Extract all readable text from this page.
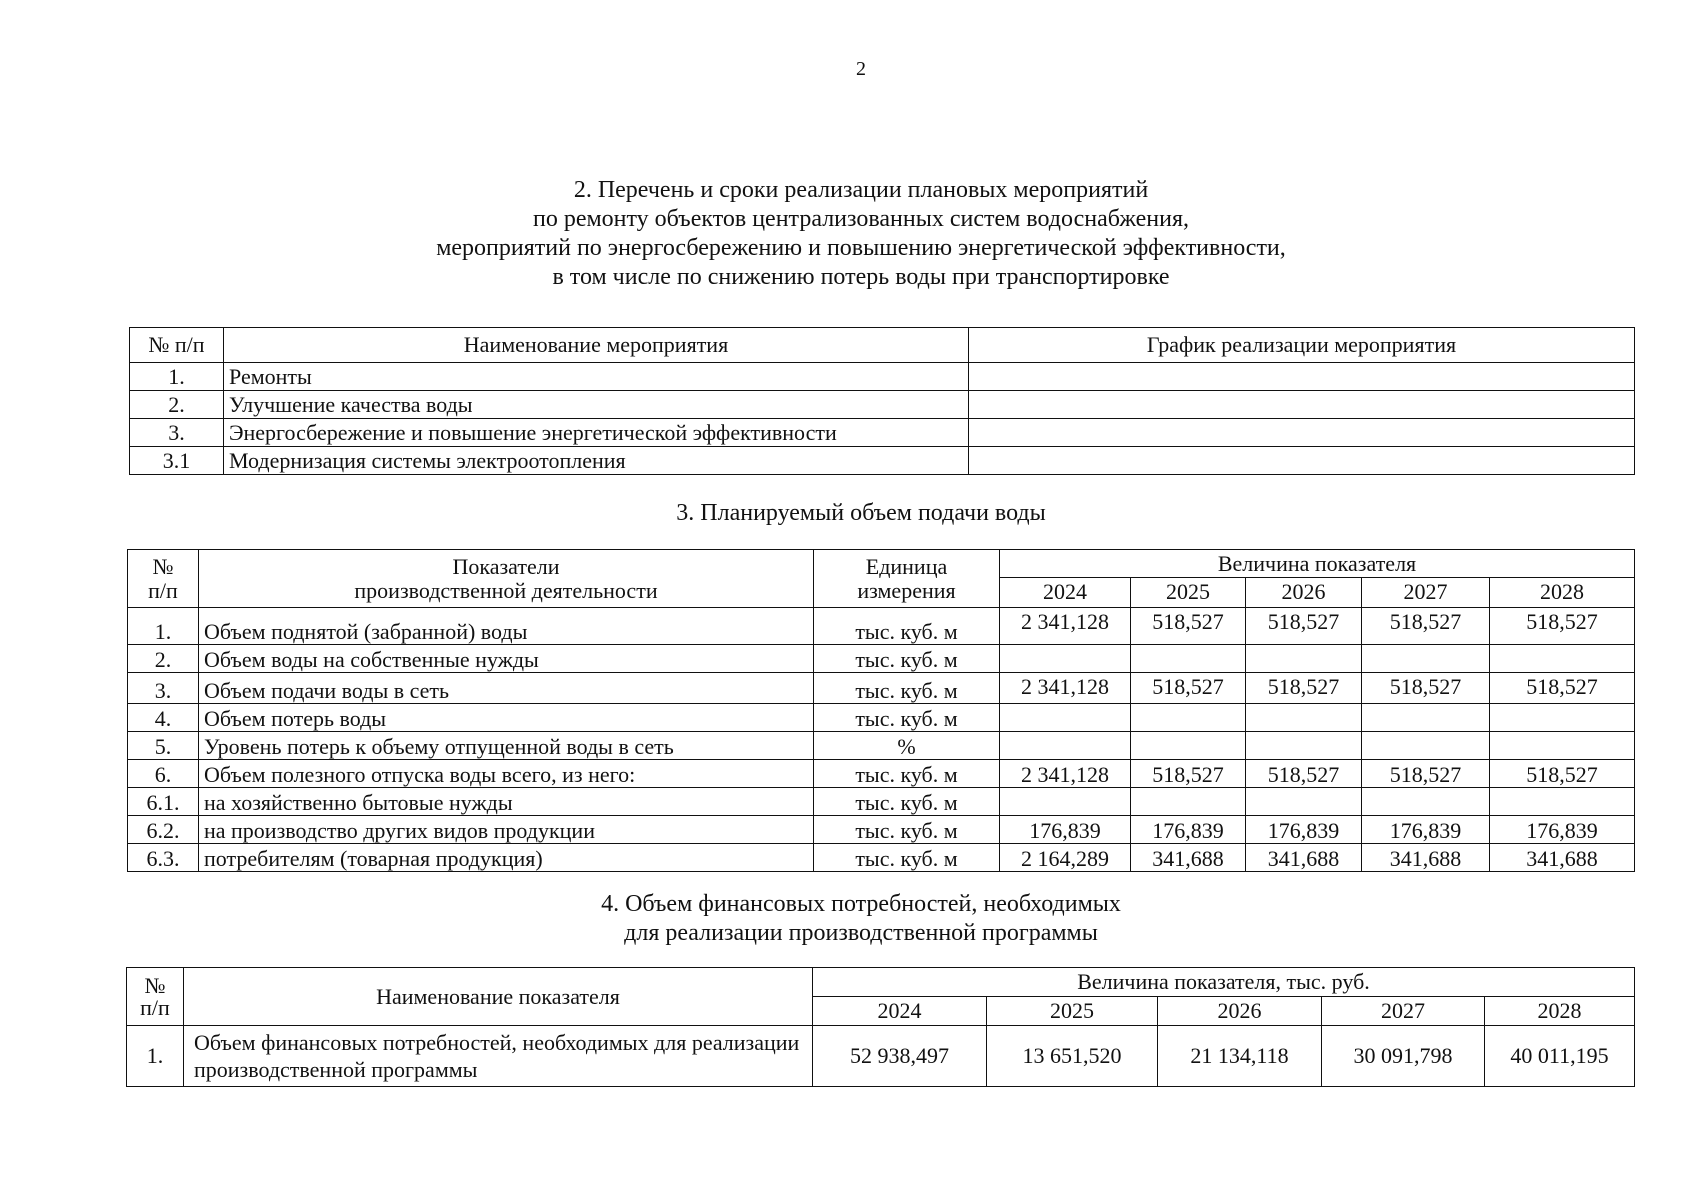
2
2. Перечень и сроки реализации плановых мероприятий
по ремонту объектов централизованных систем водоснабжения,
мероприятий по энергосбережению и повышению энергетической эффективности,
в том числе по снижению потерь воды при транспортировке
№ п/п	Наименование мероприятия	График реализации мероприятия
1.	Ремонты	
2.	Улучшение качества воды	
3.	Энергосбережение и повышение энергетической эффективности	
3.1	Модернизация системы электроотопления	
3. Планируемый объем подачи воды
№	Показатели	Единица	Величина показателя				
п/п	производственной деятельности	измерения	2024	2025	2026	2027	2028
1.	Объем поднятой (забранной) воды	тыс. куб. м	2 341,128	518,527	518,527	518,527	518,527
2.	Объем воды на собственные нужды	тыс. куб. м					
3.	Объем подачи воды в сеть	тыс. куб. м	2 341,128	518,527	518,527	518,527	518,527
4.	Объем потерь воды	тыс. куб. м					
5.	Уровень потерь к объему отпущенной воды в сеть	%					
6.	Объем полезного отпуска воды всего, из него:	тыс. куб. м	2 341,128	518,527	518,527	518,527	518,527
6.1.	на хозяйственно бытовые нужды	тыс. куб. м					
6.2.	на производство других видов продукции	тыс. куб. м	176,839	176,839	176,839	176,839	176,839
6.3.	потребителям (товарная продукция)	тыс. куб. м	2 164,289	341,688	341,688	341,688	341,688
4. Объем финансовых потребностей, необходимых
для реализации производственной программы
№
п/п	Наименование показателя	Величина показателя, тыс. руб.				
		2024	2025	2026	2027	2028
1.	Объем финансовых потребностей, необходимых для реализации производственной программы	52 938,497	13 651,520	21 134,118	30 091,798	40 011,195
